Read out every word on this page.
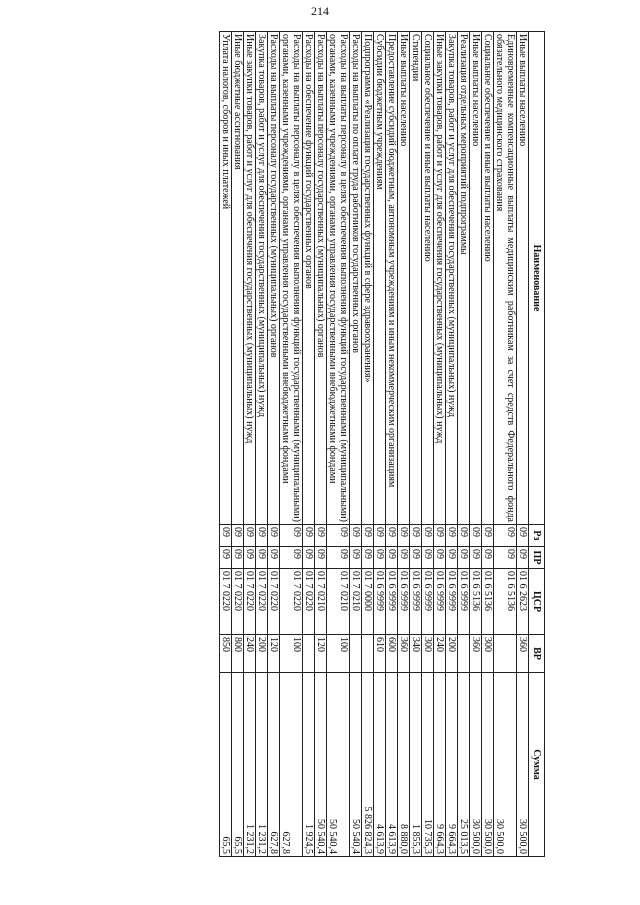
214
Наименование	Рз	ПР	ЦСР	ВР	Сумма
Иные выплаты населению	09	09	01 6 2623	360	30 500,0
Единовременные компенсационные выплаты медицинским работникам за счет средств Федерального фонда обязательного медицинского страхования	09	09	01 6 5136		30 500,0
Социальное обеспечение и иные выплаты населению	09	09	01 6 5136	300	30 500,0
Иные выплаты населению	09	09	01 6 5136	360	30 500,0
Реализация отдельных мероприятий подпрограммы	09	09	01 6 9999		25 013,5
Закупка товаров, работ и услуг для обеспечения государственных (муниципальных) нужд	09	09	01 6 9999	200	9 664,3
Иные закупки товаров, работ и услуг для обеспечения государственных (муниципальных) нужд	09	09	01 6 9999	240	9 664,3
Социальное обеспечение и иные выплаты населению	09	09	01 6 9999	300	10 735,3
Стипендии	09	09	01 6 9999	340	1 855,3
Иные выплаты населению	09	09	01 6 9999	360	8 880,0
Предоставление субсидий бюджетным, автономным учреждениям и иным некоммерческим организациям	09	09	01 6 9999	600	4 613,9
Субсидии бюджетным учреждениям	09	09	01 6 9999	610	4 613,9
Подпрограмма «Реализация государственных функций в сфере здравоохранения»	09	09	01 7 0000		5 826 824,3
Расходы на выплаты по оплате труда работников государственных органов	09	09	01 7 0210		50 540,4
Расходы на выплаты персоналу в целях обеспечения выполнения функций государственными (муниципальными) органами, казенными учреждениями, органами управления государственными внебюджетными фондами	09	09	01 7 0210	100	50 540,4
Расходы на выплаты персоналу государственных (муниципальных) органов	09	09	01 7 0210	120	50 540,4
Расходы на обеспечение функций государственных органов	09	09	01 7 0220		1 924,5
Расходы на выплаты персоналу в целях обеспечения выполнения функций государственными (муниципальными) органами, казенными учреждениями, органами управления государственными внебюджетными фондами	09	09	01 7 0220	100	627,8
Расходы на выплаты персоналу государственных (муниципальных) органов	09	09	01 7 0220	120	627,8
Закупка товаров, работ и услуг для обеспечения государственных (муниципальных) нужд	09	09	01 7 0220	200	1 231,2
Иные закупки товаров, работ и услуг для обеспечения государственных (муниципальных) нужд	09	09	01 7 0220	240	1 231,2
Иные бюджетные ассигнования	09	09	01 7 0220	800	65,5
Уплата налогов, сборов и иных платежей	09	09	01 7 0220	850	65,5
